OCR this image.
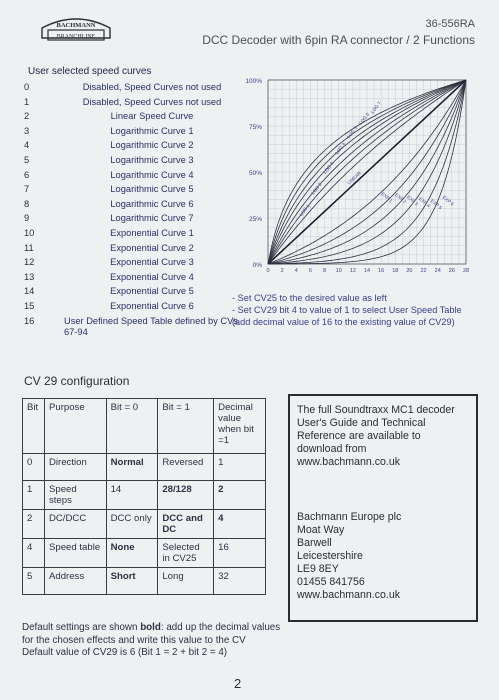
BACHMANN
BRANCHLINE
36-556RA
DCC Decoder with 6pin RA connector / 2 Functions
User selected speed curves
0	Disabled, Speed Curves not used
1	Disabled, Speed Curves not used
2	Linear Speed Curve
3	Logarithmic Curve 1
4	Logarithmic Curve 2
5	Logarithmic Curve 3
6	Logarithmic Curve 4
7	Logarithmic Curve 5
8	Logarithmic Curve 6
9	Logarithmic Curve 7
10	Exponential Curve 1
11	Exponential Curve 2
12	Exponential Curve 3
13	Exponential Curve 4
14	Exponential Curve 5
15	Exponential Curve 6
16	User Defined Speed Table defined by CVs 67-94
0%
25%
50%
75%
100%
0 2 4 6 8 10 12 14 16 18 20 22 24 26 28
LOG 1
LOG 2
LOG 3
LOG 4
LOG 5
LOG 6
LOG 7
LINEAR
EXP 1 EXP 2
EXP 3
EXP 4
EXP 5
EXP 6
- Set CV25 to the desired value as left
- Set CV29 bit 4 to value of 1 to select User Speed Table
(add decimal value of 16 to the existing value of CV29)
CV 29 configuration
Bit	Purpose	Bit = 0	Bit = 1	Decimal value when bit =1
0	Direction	Normal	Reversed	1
1	Speed steps	14	28/128	2
2	DC/DCC	DCC only	DCC and DC	4
4	Speed table	None	Selected in CV25	16
5	Address	Short	Long	32
Default settings are shown bold: add up the decimal values for the chosen effects and write this value to the CV
Default value of CV29 is 6 (Bit 1 = 2 + bit 2 = 4)
The full Soundtraxx MC1 decoder
User's Guide and Technical
Reference are available to
download from
www.bachmann.co.uk
Bachmann Europe plc
Moat Way
Barwell
Leicestershire
LE9 8EY
01455 841756
www.bachmann.co.uk
2
